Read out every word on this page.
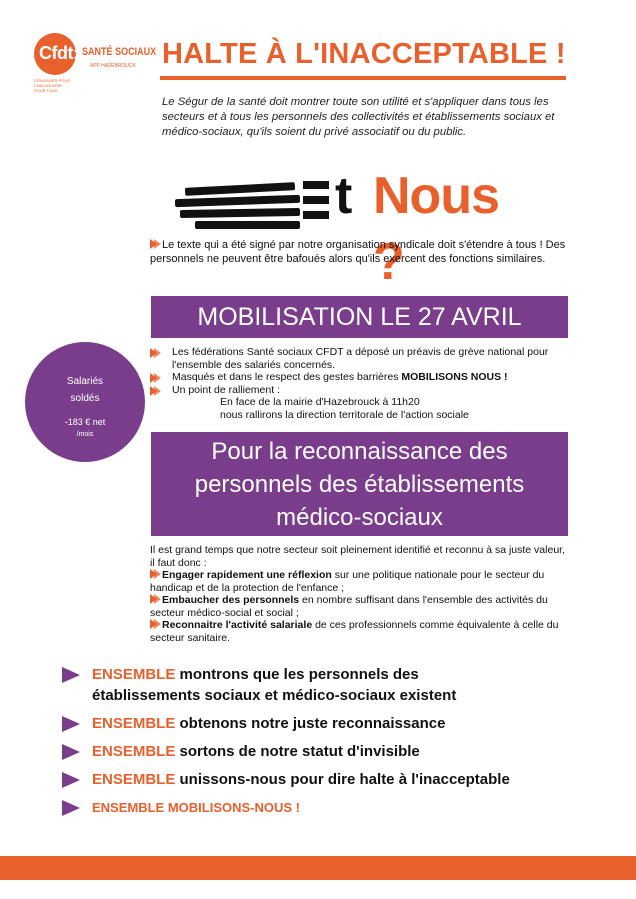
Cfdt: SANTÉ SOCIAUX
APF HAZEBROUCK
S'ENGAGER POUR CHACUN AGIR POUR TOUS
HALTE À L'INACCEPTABLE !
Le Ségur de la santé doit montrer toute son utilité et s'appliquer dans tous les secteurs et à tous les personnels des collectivités et établissements sociaux et médico-sociaux, qu'ils soient du privé associatif ou du public.
t Nous ?
Le texte qui a été signé par notre organisation syndicale doit s'étendre à tous ! Des personnels ne peuvent être bafoués alors qu'ils exercent des fonctions similaires.
MOBILISATION LE 27 AVRIL
Les fédérations Santé sociaux CFDT a déposé un préavis de grève national pour l'ensemble des salariés concernés.
Masqués et dans le respect des gestes barrières MOBILISONS NOUS !
Un point de ralliement :
En face de la mairie d'Hazebrouck à 11h20
nous rallirons la direction territorale de l'action sociale
Salariés
soldés
-183 € net
/mois
Pour la reconnaissance des
personnels des établissements
médico-sociaux
Il est grand temps que notre secteur soit pleinement identifié et reconnu à sa juste valeur, il faut donc :
Engager rapidement une réflexion sur une politique nationale pour le secteur du handicap et de la protection de l'enfance ;
Embaucher des personnels en nombre suffisant dans l'ensemble des activités du secteur médico-social et social ;
Reconnaitre l'activité salariale de ces professionnels comme équivalente à celle du secteur sanitaire.
ENSEMBLE montrons que les personnels des établissements sociaux et médico-sociaux existent
ENSEMBLE obtenons notre juste reconnaissance
ENSEMBLE sortons de notre statut d'invisible
ENSEMBLE unissons-nous pour dire halte à l'inacceptable
ENSEMBLE MOBILISONS-NOUS !
